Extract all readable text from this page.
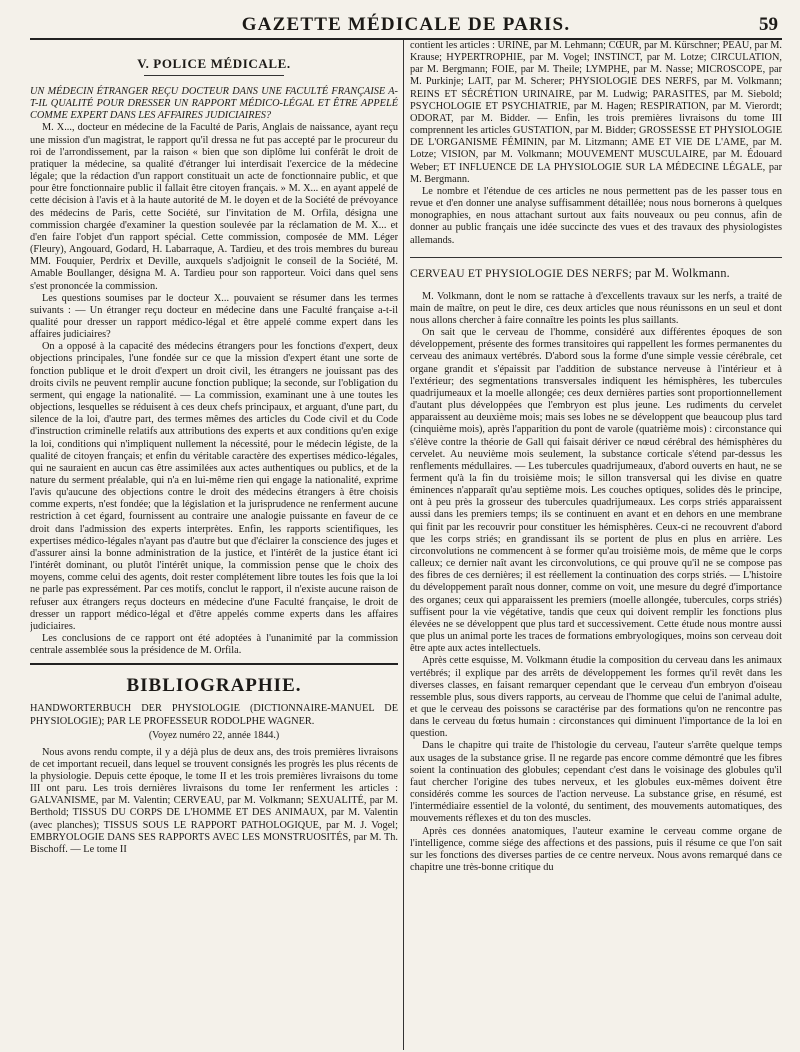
GAZETTE MÉDICALE DE PARIS.	59
V. POLICE MÉDICALE.

UN MÉDECIN ÉTRANGER REÇU DOCTEUR DANS UNE FACULTÉ FRANÇAISE A-T-IL QUALITÉ POUR DRESSER UN RAPPORT MÉDICO-LÉGAL ET ÊTRE APPELÉ COMME EXPERT DANS LES AFFAIRES JUDICIAIRES?

M. X..., docteur en médecine de la Faculté de Paris, Anglais de naissance, ayant reçu une mission d'un magistrat, le rapport qu'il dressa ne fut pas accepté par le procureur du roi de l'arrondissement, par la raison « bien que son diplôme lui conférât le droit de pratiquer la médecine, sa qualité d'étranger lui interdisait l'exercice de la médecine légale; que la rédaction d'un rapport constituait un acte de fonctionnaire public, et que pour être fonctionnaire public il fallait être citoyen français. » M. X... en ayant appelé de cette décision à l'avis et à la haute autorité de M. le doyen et de la Société de prévoyance des médecins de Paris, cette Société, sur l'invitation de M. Orfila, désigna une commission chargée d'examiner la question soulevée par la réclamation de M. X... et d'en faire l'objet d'un rapport spécial. Cette commission, composée de MM. Léger (Fleury), Angouard, Godard, H. Labarraque, A. Tardieu, et des trois membres du bureau MM. Fouquier, Perdrix et Deville, auxquels s'adjoignit le conseil de la Société, M. Amable Boullanger, désigna M. A. Tardieu pour son rapporteur. Voici dans quel sens s'est prononcée la commission.

Les questions soumises par le docteur X... pouvaient se résumer dans les termes suivants : — Un étranger reçu docteur en médecine dans une Faculté française a-t-il qualité pour dresser un rapport médico-légal et être appelé comme expert dans les affaires judiciaires?

On a opposé à la capacité des médecins étrangers pour les fonctions d'expert, deux objections principales, l'une fondée sur ce que la mission d'expert étant une sorte de fonction publique et le droit d'expert un droit civil, les étrangers ne jouissant pas des droits civils ne peuvent remplir aucune fonction publique; la seconde, sur l'obligation du serment, qui engage la nationalité. — La commission, examinant une à une toutes les objections, lesquelles se réduisent à ces deux chefs principaux, et arguant, d'une part, du silence de la loi, d'autre part, des termes mêmes des articles du Code civil et du Code d'instruction criminelle relatifs aux attributions des experts et aux conditions qu'en exige la loi, conditions qui n'impliquent nullement la nécessité, pour le médecin légiste, de la qualité de citoyen français; et enfin du véritable caractère des expertises médico-légales, qui ne sauraient en aucun cas être assimilées aux actes authentiques ou publics, et de la nature du serment préalable, qui n'a en lui-même rien qui engage la nationalité, exprime l'avis qu'aucune des objections contre le droit des médecins étrangers à être choisis comme experts, n'est fondée; que la législation et la jurisprudence ne renferment aucune restriction à cet égard, fournissent au contraire une analogie puissante en faveur de ce droit dans l'admission des experts interprètes. Enfin, les rapports scientifiques, les expertises médico-légales n'ayant pas d'autre but que d'éclairer la conscience des juges et d'assurer ainsi la bonne administration de la justice, et l'intérêt de la justice étant ici l'intérêt dominant, ou plutôt l'intérêt unique, la commission pense que le choix des moyens, comme celui des agents, doit rester complétement libre toutes les fois que la loi ne parle pas expressément. Par ces motifs, conclut le rapport, il n'existe aucune raison de refuser aux étrangers reçus docteurs en médecine d'une Faculté française, le droit de dresser un rapport médico-légal et d'être appelés comme experts dans les affaires judiciaires.

Les conclusions de ce rapport ont été adoptées à l'unanimité par la commission centrale assemblée sous la présidence de M. Orfila.

BIBLIOGRAPHIE.

HANDWORTERBUCH DER PHYSIOLOGIE (DICTIONNAIRE-MANUEL DE PHYSIOLOGIE); PAR LE PROFESSEUR RODOLPHE WAGNER.

(Voyez numéro 22, année 1844.)

Nous avons rendu compte, il y a déjà plus de deux ans, des trois premières livraisons de cet important recueil, dans lequel se trouvent consignés les progrès les plus récents de la physiologie. Depuis cette époque, le tome II et les trois premières livraisons du tome III ont paru. Les trois dernières livraisons du tome Ier renferment les articles : GALVANISME, par M. Valentin; CERVEAU, par M. Volkmann; SEXUALITÉ, par M. Berthold; TISSUS DU CORPS DE L'HOMME ET DES ANIMAUX, par M. Valentin (avec planches); TISSUS SOUS LE RAPPORT PATHOLOGIQUE, par M. J. Vogel; EMBRYOLOGIE DANS SES RAPPORTS AVEC LES MONSTRUOSITÉS, par M. Th. Bischoff. — Le tome II

contient les articles : URINE, par M. Lehmann; CŒUR, par M. Kürschner; PEAU, par M. Krause; HYPERTROPHIE, par M. Vogel; INSTINCT, par M. Lotze; CIRCULATION, par M. Bergmann; FOIE, par M. Theile; LYMPHE, par M. Nasse; MICROSCOPE, par M. Purkinje; LAIT, par M. Scherer; PHYSIOLOGIE DES NERFS, par M. Volkmann; REINS ET SÉCRÉTION URINAIRE, par M. Ludwig; PARASITES, par M. Siebold; PSYCHOLOGIE ET PSYCHIATRIE, par M. Hagen; RESPIRATION, par M. Vierordt; ODORAT, par M. Bidder. — Enfin, les trois premières livraisons du tome III comprennent les articles GUSTATION, par M. Bidder; GROSSESSE ET PHYSIOLOGIE DE L'ORGANISME FÉMININ, par M. Litzmann; AME ET VIE DE L'AME, par M. Lotze; VISION, par M. Volkmann; MOUVEMENT MUSCULAIRE, par M. Édouard Weber; ET INFLUENCE DE LA PHYSIOLOGIE SUR LA MÉDECINE LÉGALE, par M. Bergmann.

Le nombre et l'étendue de ces articles ne nous permettent pas de les passer tous en revue et d'en donner une analyse suffisamment détaillée; nous nous bornerons à quelques monographies, en nous attachant surtout aux faits nouveaux ou peu connus, afin de donner au public français une idée succincte des vues et des travaux des physiologistes allemands.

CERVEAU ET PHYSIOLOGIE DES NERFS; par M. Wolkmann.

M. Volkmann, dont le nom se rattache à d'excellents travaux sur les nerfs, a traité de main de maître, on peut le dire, ces deux articles que nous réunissons en un seul et dont nous allons chercher à faire connaître les points les plus saillants.

On sait que le cerveau de l'homme, considéré aux différentes époques de son développement, présente des formes transitoires qui rappellent les formes permanentes du cerveau des animaux vertébrés. D'abord sous la forme d'une simple vessie cérébrale, cet organe grandit et s'épaissit par l'addition de substance nerveuse à l'intérieur et à l'extérieur; des segmentations transversales indiquent les hémisphères, les tubercules quadrijumeaux et la moelle allongée; ces deux dernières parties sont proportionnellement d'autant plus développées que l'embryon est plus jeune. Les rudiments du cervelet apparaissent au deuxième mois; mais ses lobes ne se développent que beaucoup plus tard (cinquième mois), après l'apparition du pont de varole (quatrième mois) : circonstance qui s'élève contre la théorie de Gall qui faisait dériver ce nœud cérébral des hémisphères du cervelet. Au neuvième mois seulement, la substance corticale s'étend par-dessus les renflements médullaires. — Les tubercules quadrijumeaux, d'abord ouverts en haut, ne se ferment qu'à la fin du troisième mois; le sillon transversal qui les divise en quatre éminences n'apparaît qu'au septième mois. Les couches optiques, solides dès le principe, ont à peu près la grosseur des tubercules quadrijumeaux. Les corps striés apparaissent aussi dans les premiers temps; ils se continuent en avant et en dehors en une membrane qui finit par les recouvrir pour constituer les hémisphères. Ceux-ci ne recouvrent d'abord que les corps striés; en grandissant ils se portent de plus en plus en arrière. Les circonvolutions ne commencent à se former qu'au troisième mois, de même que le corps calleux; ce dernier naît avant les circonvolutions, ce qui prouve qu'il ne se compose pas des fibres de ces dernières; il est réellement la continuation des corps striés. — L'histoire du développement paraît nous donner, comme on voit, une mesure du degré d'importance des organes; ceux qui apparaissent les premiers (moelle allongée, tubercules, corps striés) suffisent pour la vie végétative, tandis que ceux qui doivent remplir les fonctions plus élevées ne se développent que plus tard et successivement. Cette étude nous montre aussi que plus un animal porte les traces de formations embryologiques, moins son cerveau doit être apte aux actes intellectuels.

Après cette esquisse, M. Volkmann étudie la composition du cerveau dans les animaux vertébrés; il explique par des arrêts de développement les formes qu'il revêt dans les diverses classes, en faisant remarquer cependant que le cerveau d'un embryon d'oiseau ressemble plus, sous divers rapports, au cerveau de l'homme que celui de l'animal adulte, et que le cerveau des poissons se caractérise par des formations qu'on ne rencontre pas dans le cerveau du fœtus humain : circonstances qui diminuent l'importance de la loi en question.

Dans le chapitre qui traite de l'histologie du cerveau, l'auteur s'arrête quelque temps aux usages de la substance grise. Il ne regarde pas encore comme démontré que les fibres soient la continuation des globules; cependant c'est dans le voisinage des globules qu'il faut chercher l'origine des tubes nerveux, et les globules eux-mêmes doivent être considérés comme les sources de l'action nerveuse. La substance grise, en résumé, est l'intermédiaire essentiel de la volonté, du sentiment, des mouvements automatiques, des mouvements réflexes et du ton des muscles.

Après ces données anatomiques, l'auteur examine le cerveau comme organe de l'intelligence, comme siége des affections et des passions, puis il résume ce que l'on sait sur les fonctions des diverses parties de ce centre nerveux. Nous avons remarqué dans ce chapitre une très-bonne critique du
